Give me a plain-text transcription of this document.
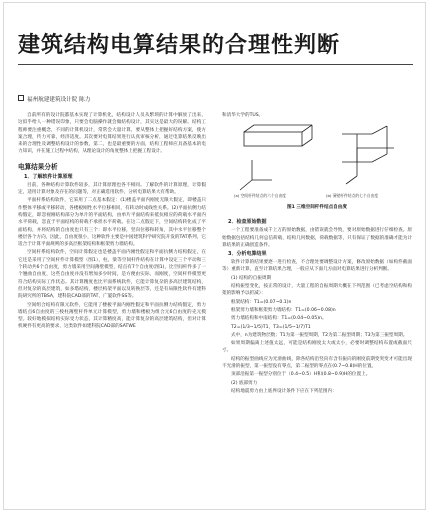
建筑结构电算结果的合理性判断
福州航建建筑设计院 陈力

自前所有的设计院都基本实现了计算机化，结构设计人员从繁琐的计算中解放了出来，这似乎给人一种错误印象，只要会电脑操作就会做结构设计，其实这是最大的误解。结构工程师要注重概念，不同的计算机设计，常常会大量计算，要从整体上把握好结构方案，使方案合理，传力可靠，经济适度。其次要对电算结果进行认真审核分析，通过电算结果反映出来的合理性及调整结构设计的参数，第二，也是最重要的方面，结构工程师应具备基本的电力知识，并在施工过程中结构，从理论设计的角度整体上把握工程设计。

电算结果分析
1．了解软件计算原理

目前，各种结构计算软件较多，其计算原理也各不相同。了解软件的计算原理，计算假定，适用计算对象及存在的问题等，对正确选用软件、分析电算结果大有帮助。

平面杆系结构软件，它采用了二点基本假定：(1)楼盖平面内刚度无限大假定，即楼盖只作整体平移或平移转动，各楼板刚性水平位移相同，有转动时成线性关系。(2)平面抗侧力结构假定，即忽视刚结构部分为单片的平面结构，由单片平面结构来抵抗相应的荷载水平面内水平荷载，忽直于平面结构的荷载不承担水平荷载。在这二点假定下，空间结构转化成了平面结构，并将结构的自由度也只有三个：即水平位移，竖向位移和转角，其中水平位移整个楼层各个方向，因此，自由度很小，这种软件主要是中国建筑科学研究院开发的TAT系列，它适合于计算平面规则的多高层框架结构和框架剪力墙结构。

空间杆系结构软件，空间计算假定也是楼盖平面内刚性假定和平面抗侧力结构假定，在它还是采用了空间杆件计算模型（图1），柱、梁等空间杆件结构在计算中设定三个平动和三个转动共6个自由度，剪力墙采用空间薄壁模型，结点有7个自由度(图1)，比空间杆件多了一个翘曲自由度，这些自由度并没有增加多少时间，是方便由实际，而刚度，空间杆件模型更符合结构实际工作状态。其计算精度也比平面系统软件，它能计算复杂的多高层建筑结构，但对复杂的高层建筑，如多塔结构，楼层构架平面以及转换层等，还是有局限性软件有建科院研究所的TBSA，建科院CAD部的TAT，广厦软件SS等。

空间组合结构有限元软件，它能用了楼板平面内刚性假定和平面抗侧力结构假定，剪力墙结点6自由度的三棱柱薄壁杆件单元计算模型，剪力墙和楼板为组合元6自由度的壳元模型。较好地模拟结构实际受力状态，其计算精度高，能计算复杂的高层建筑结构，但对计算机硬件有更高的要求，这类软件如建科院CAD部的SATWE

和清华大学的TUS。

(a) 空间杆件结点的六个自由度	(b) 薄壁杆件结点的七个自由度
图1 三维空间杆件结点自由度
2．检查原始数据

一个工程要准备成千上万的原始数据，由错误就会导致，要对原始数据进行仔细检查。原始数据包括结构几何总信荷载、结构几何数据，荷载数据等，只有保证了数据的准确才能为计算结果的正确创造条件。

3．分析电算结果

软件计算的结果要逐一进行检查，不合理处要调整设计方案，修改原始数据（如构件截面等）重新计算，直至计算结果合理，一般应从下面几方面对电算结果进行分析判断。

(1) 结构的自振周期

结构振型变化，按正常的设计，大量工程的自振周期大概在下列范围（已考虑空结构和构架的影响予以折减）：

框架结构：T1=(0.07~0.1)n

框架剪力墙和框架剪力墙结构：T1=(0.06~0.08)n

剪力墙结构和中南结构：T1=(0.04~0.05)n。

T2=(1/3~1/5)T1，T3=(1/5~1/7)T1

式中，n为建筑物层数；T1为第一振型周期，T2为第二振型周期；T3为第三振型周期。

如果周期偏离上述值太远，可能是结构刚度太大或太小，必要时调整结构布置或截面尺寸。

结构的振型曲线应为光滑曲线，除各结构沿竖向有含有振向的刚度前期变突变才可能出现不光滑的振型，第一振型没有零点，第二振型的零点在(0.7~0.8)H的位置。

顶部沿振第一振型分别位于（0.4~0.5）H和(0.8~0.9)H的位置上。

(2) 底部剪力

结构地震剪力由上底界设计条件下应在下列范围内：
